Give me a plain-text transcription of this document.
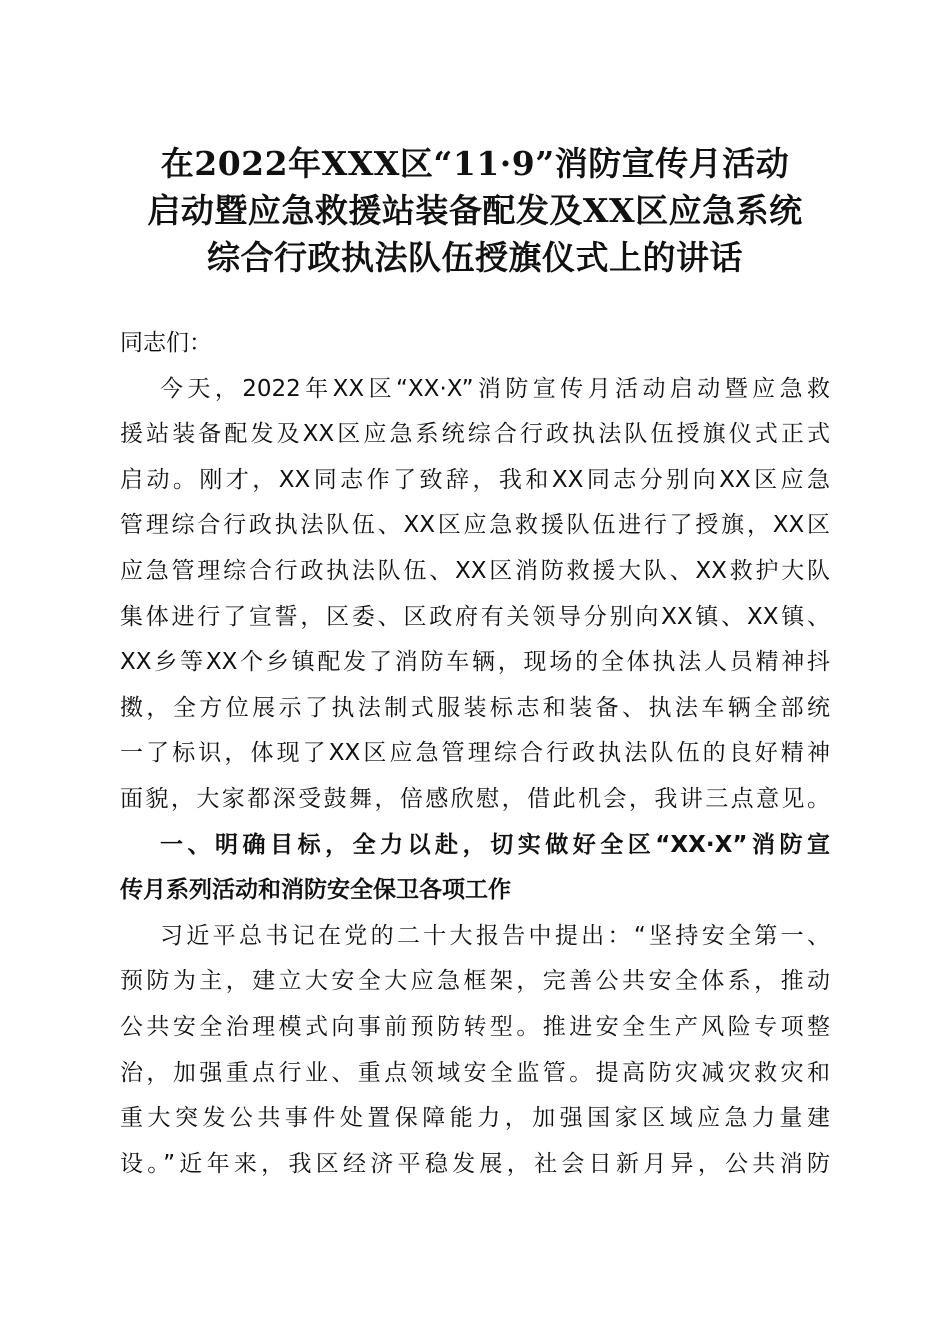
在2022年XXX区“11·9”消防宣传月活动
启动暨应急救援站装备配发及XX区应急系统
综合行政执法队伍授旗仪式上的讲话
同志们：
今天，2022年XX区“XX·X”消防宣传月活动启动暨应急救
援站装备配发及XX区应急系统综合行政执法队伍授旗仪式正式
启动。刚才，XX同志作了致辞，我和XX同志分别向XX区应急
管理综合行政执法队伍、XX区应急救援队伍进行了授旗，XX区
应急管理综合行政执法队伍、XX区消防救援大队、XX救护大队
集体进行了宣誓，区委、区政府有关领导分别向XX镇、XX镇、
XX乡等XX个乡镇配发了消防车辆，现场的全体执法人员精神抖
擞，全方位展示了执法制式服装标志和装备、执法车辆全部统
一了标识，体现了XX区应急管理综合行政执法队伍的良好精神
面貌，大家都深受鼓舞，倍感欣慰，借此机会，我讲三点意见。
一、明确目标，全力以赴，切实做好全区“XX·X”消防宣
传月系列活动和消防安全保卫各项工作
习近平总书记在党的二十大报告中提出：“坚持安全第一、
预防为主，建立大安全大应急框架，完善公共安全体系，推动
公共安全治理模式向事前预防转型。推进安全生产风险专项整
治，加强重点行业、重点领域安全监管。提高防灾减灾救灾和
重大突发公共事件处置保障能力，加强国家区域应急力量建
设。”近年来，我区经济平稳发展，社会日新月异，公共消防
